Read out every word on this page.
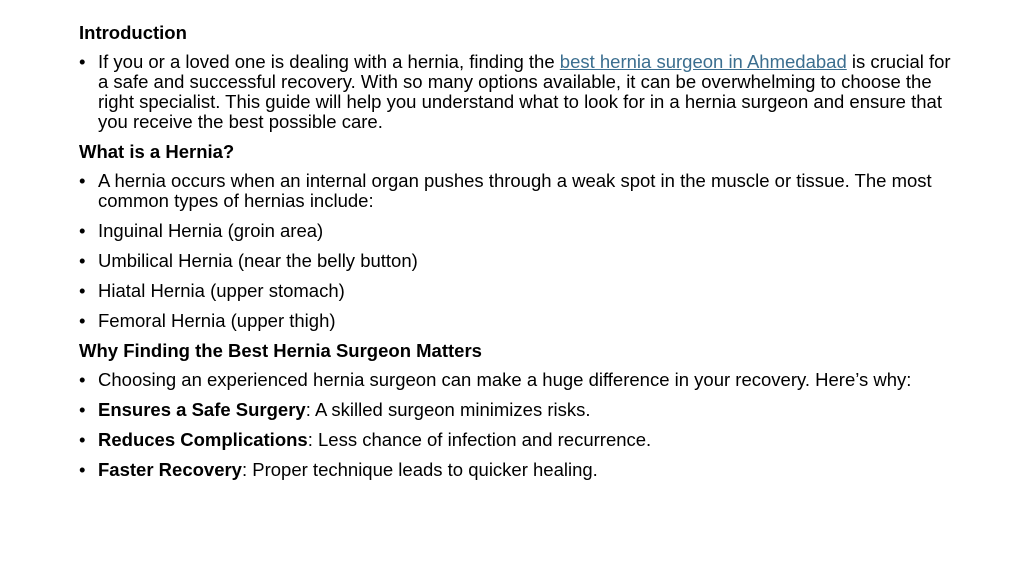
Introduction
• If you or a loved one is dealing with a hernia, finding the best hernia surgeon in Ahmedabad is crucial for a safe and successful recovery. With so many options available, it can be overwhelming to choose the right specialist. This guide will help you understand what to look for in a hernia surgeon and ensure that you receive the best possible care.
What is a Hernia?
• A hernia occurs when an internal organ pushes through a weak spot in the muscle or tissue. The most common types of hernias include:
• Inguinal Hernia (groin area)
• Umbilical Hernia (near the belly button)
• Hiatal Hernia (upper stomach)
• Femoral Hernia (upper thigh)
Why Finding the Best Hernia Surgeon Matters
• Choosing an experienced hernia surgeon can make a huge difference in your recovery. Here’s why:
• Ensures a Safe Surgery: A skilled surgeon minimizes risks.
• Reduces Complications: Less chance of infection and recurrence.
• Faster Recovery: Proper technique leads to quicker healing.
